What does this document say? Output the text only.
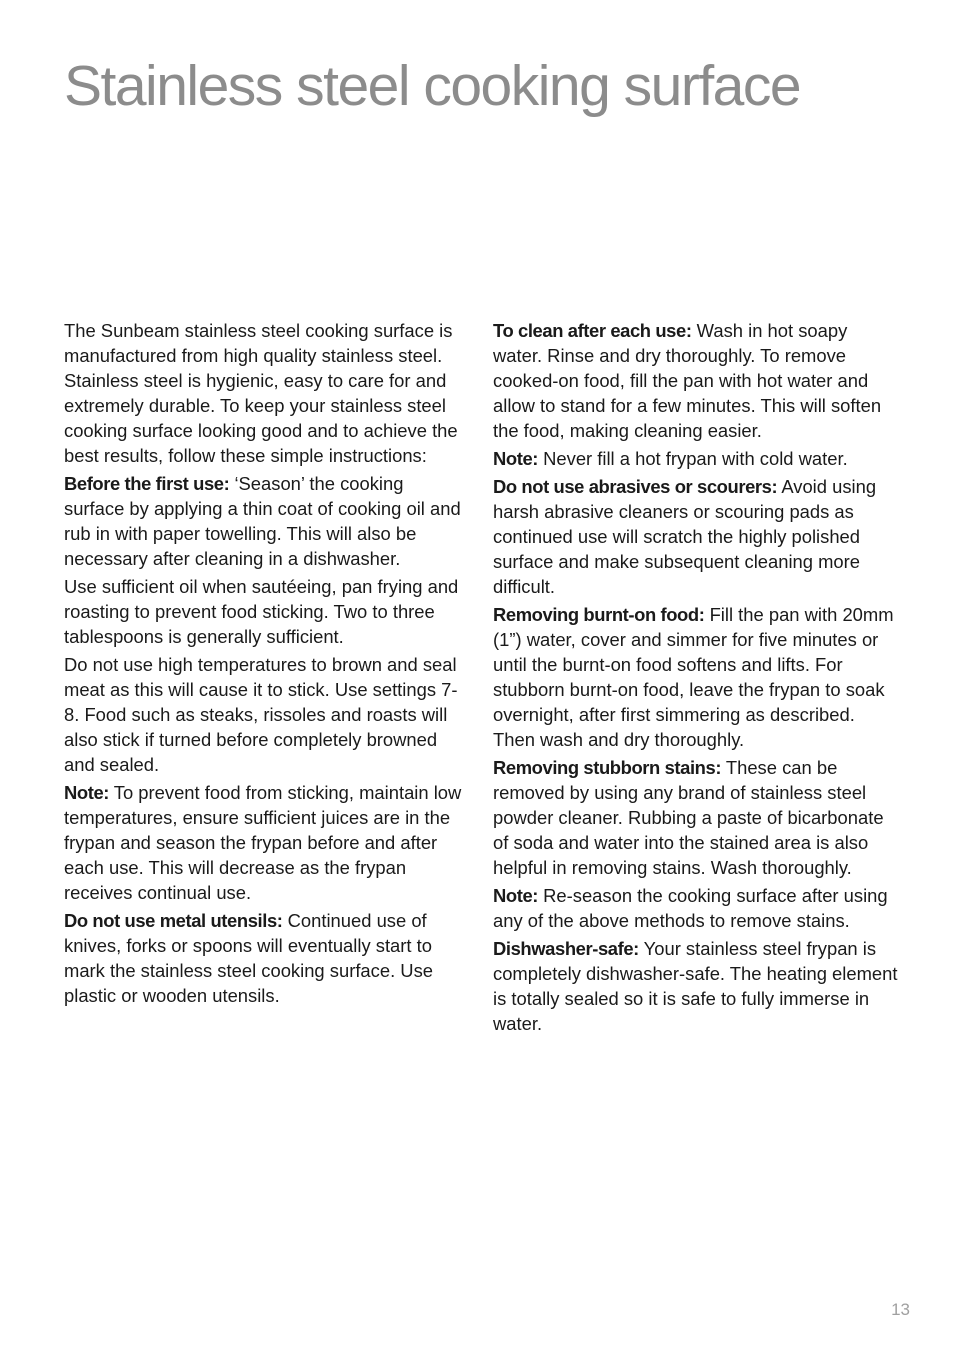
Stainless steel cooking surface

The Sunbeam stainless steel cooking surface is manufactured from high quality stainless steel. Stainless steel is hygienic, easy to care for and extremely durable. To keep your stainless steel cooking surface looking good and to achieve the best results, follow these simple instructions:

Before the first use: ‘Season’ the cooking surface by applying a thin coat of cooking oil and rub in with paper towelling. This will also be necessary after cleaning in a dishwasher.

Use sufficient oil when sautéeing, pan frying and roasting to prevent food sticking. Two to three tablespoons is generally sufficient.

Do not use high temperatures to brown and seal meat as this will cause it to stick. Use settings 7-8. Food such as steaks, rissoles and roasts will also stick if turned before completely browned and sealed.

Note: To prevent food from sticking, maintain low temperatures, ensure sufficient juices are in the frypan and season the frypan before and after each use. This will decrease as the frypan receives continual use.

Do not use metal utensils: Continued use of knives, forks or spoons will eventually start to mark the stainless steel cooking surface. Use plastic or wooden utensils.

To clean after each use: Wash in hot soapy water. Rinse and dry thoroughly. To remove cooked-on food, fill the pan with hot water and allow to stand for a few minutes. This will soften the food, making cleaning easier.

Note: Never fill a hot frypan with cold water.

Do not use abrasives or scourers: Avoid using harsh abrasive cleaners or scouring pads as continued use will scratch the highly polished surface and make subsequent cleaning more difficult.

Removing burnt-on food: Fill the pan with 20mm (1”) water, cover and simmer for five minutes or until the burnt-on food softens and lifts. For stubborn burnt-on food, leave the frypan to soak overnight, after first simmering as described. Then wash and dry thoroughly.

Removing stubborn stains: These can be removed by using any brand of stainless steel powder cleaner. Rubbing a paste of bicarbonate of soda and water into the stained area is also helpful in removing stains. Wash thoroughly.

Note: Re-season the cooking surface after using any of the above methods to remove stains.

Dishwasher-safe: Your stainless steel frypan is completely dishwasher-safe. The heating element is totally sealed so it is safe to fully immerse in water.

13
